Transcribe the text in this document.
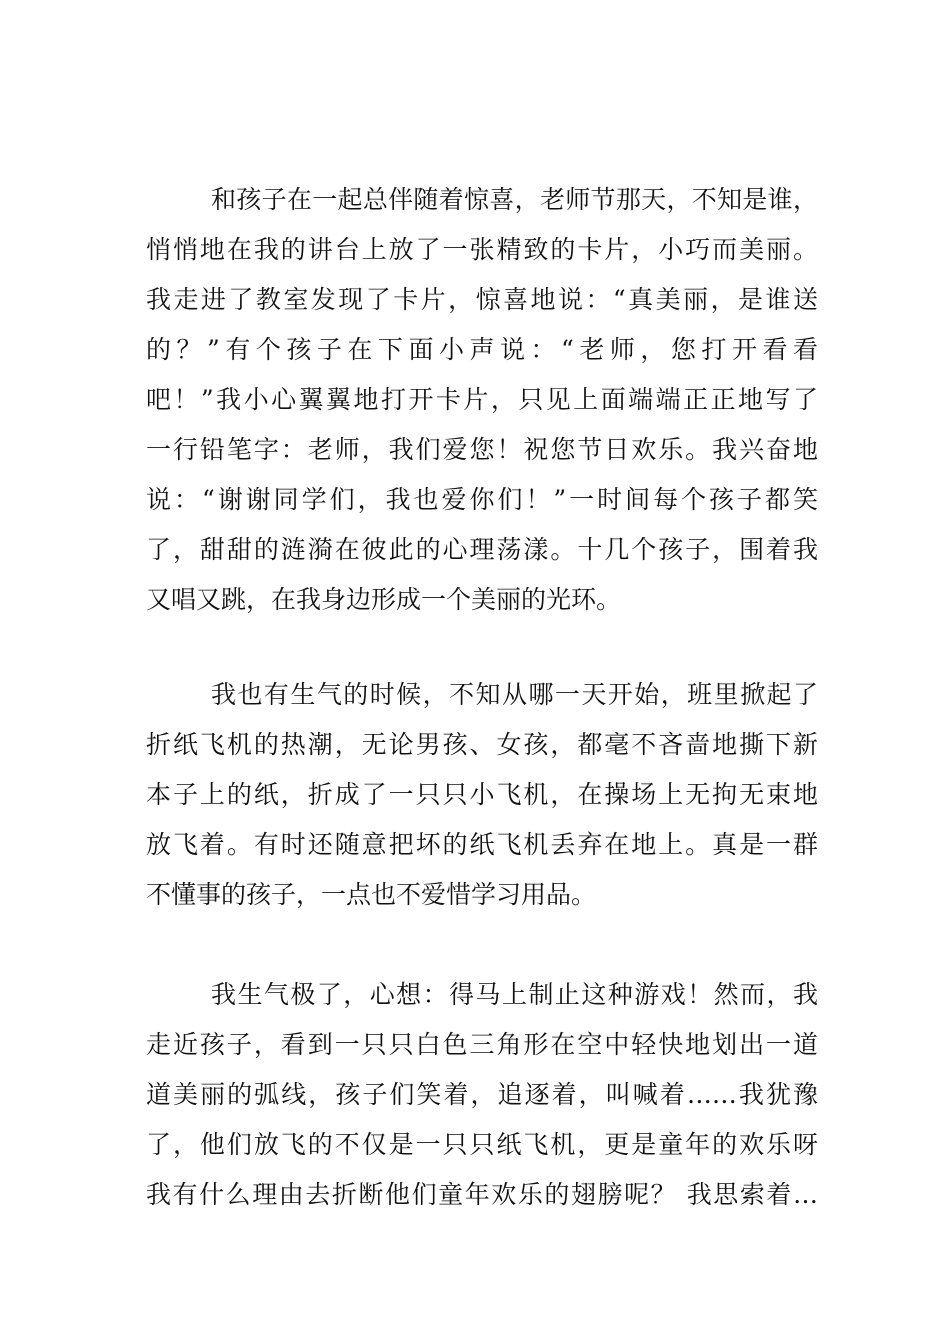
和孩子在一起总伴随着惊喜，老师节那天，不知是谁，
悄悄地在我的讲台上放了一张精致的卡片，小巧而美丽。
我走进了教室发现了卡片，惊喜地说：“真美丽，是谁送
的？”有个孩子在下面小声说：“老师，您打开看看
吧！”我小心翼翼地打开卡片，只见上面端端正正地写了
一行铅笔字：老师，我们爱您！祝您节日欢乐。我兴奋地
说：“谢谢同学们，我也爱你们！”一时间每个孩子都笑
了，甜甜的涟漪在彼此的心理荡漾。十几个孩子，围着我
又唱又跳，在我身边形成一个美丽的光环。
我也有生气的时候，不知从哪一天开始，班里掀起了
折纸飞机的热潮，无论男孩、女孩，都毫不吝啬地撕下新
本子上的纸，折成了一只只小飞机，在操场上无拘无束地
放飞着。有时还随意把坏的纸飞机丢弃在地上。真是一群
不懂事的孩子，一点也不爱惜学习用品。
我生气极了，心想：得马上制止这种游戏！然而，我
走近孩子，看到一只只白色三角形在空中轻快地划出一道
道美丽的弧线，孩子们笑着，追逐着，叫喊着……我犹豫
了，他们放飞的不仅是一只只纸飞机，更是童年的欢乐呀
我有什么理由去折断他们童年欢乐的翅膀呢？ 我思索着…
